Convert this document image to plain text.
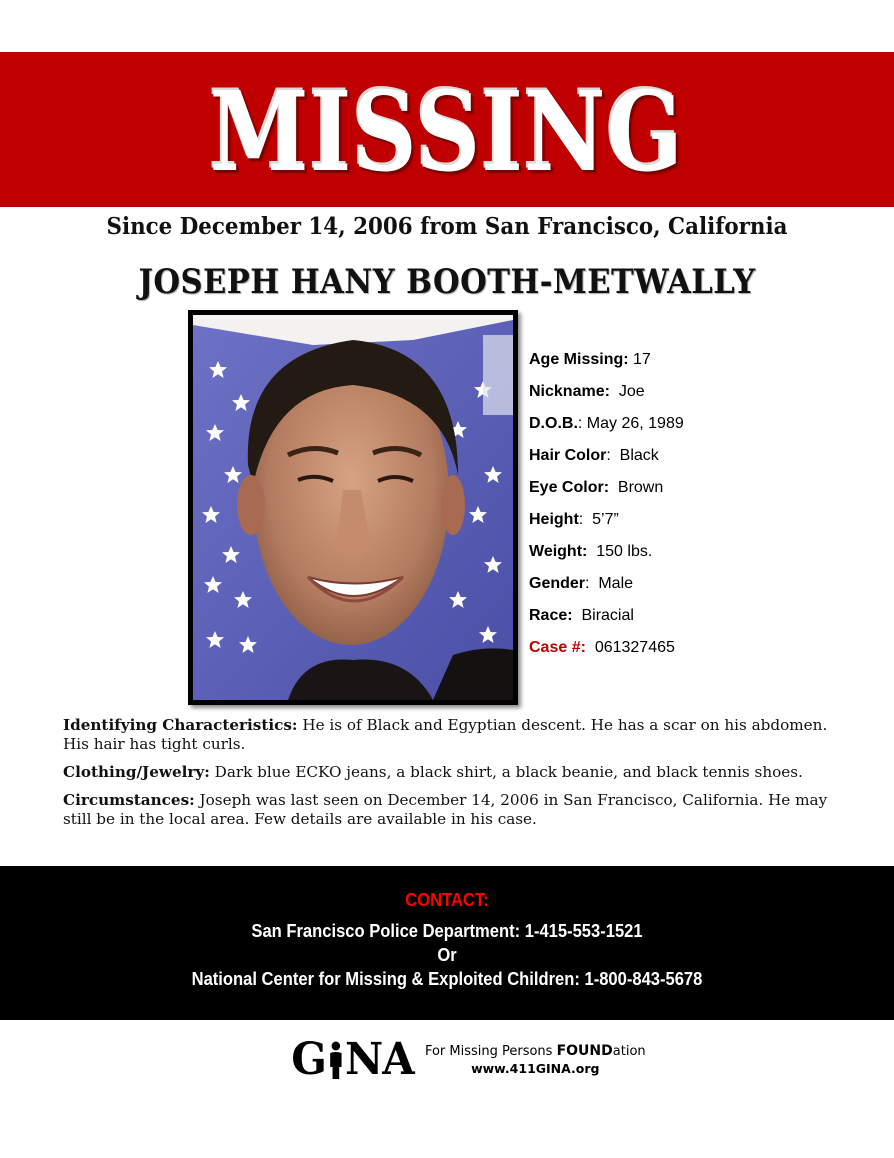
MISSING
Since December 14, 2006 from San Francisco, California
JOSEPH HANY BOOTH-METWALLY
Age Missing: 17
Nickname:  Joe
D.O.B.: May 26, 1989
Hair Color:  Black
Eye Color:  Brown
Height:  5’7”
Weight:  150 lbs.
Gender:  Male
Race:  Biracial
Case #:  061327465
Identifying Characteristics: He is of Black and Egyptian descent. He has a scar on his abdomen. His hair has tight curls.
Clothing/Jewelry: Dark blue ECKO jeans, a black shirt, a black beanie, and black tennis shoes.
Circumstances: Joseph was last seen on December 14, 2006 in San Francisco, California. He may still be in the local area. Few details are available in his case.
CONTACT:
San Francisco Police Department: 1-415-553-1521
Or
National Center for Missing & Exploited Children: 1-800-843-5678
G NA For Missing Persons FOUNDation
www.411GINA.org
